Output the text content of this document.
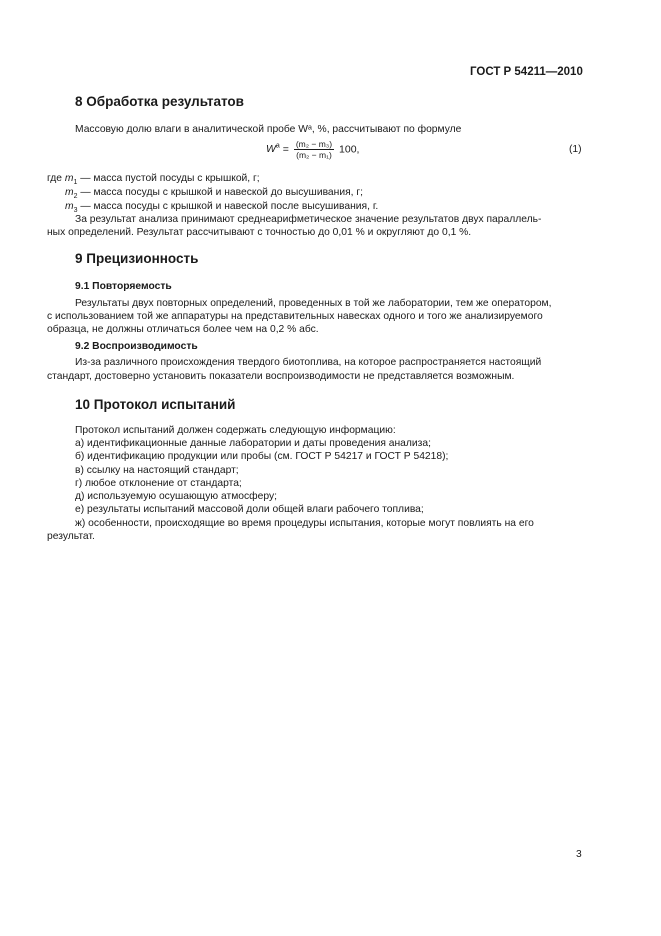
ГОСТ Р 54211—2010
8 Обработка результатов
Массовую долю влаги в аналитической пробе Wᵃ, %, рассчитывают по формуле
$W^a = \frac{\text{(m₂ − m₃)}}{\text{(m₂ − m₁)}} 100$,	(1)
где $m_1$ — масса пустой посуды с крышкой, г;
$m_2$ — масса посуды с крышкой и навеской до высушивания, г;
$m_3$ — масса посуды с крышкой и навеской после высушивания, г.
За результат анализа принимают среднеарифметическое значение результатов двух параллель-
ных определений. Результат рассчитывают с точностью до 0,01 % и округляют до 0,1 %.
9 Прецизионность
9.1 Повторяемость
Результаты двух повторных определений, проведенных в той же лаборатории, тем же оператором,
с использованием той же аппаратуры на представительных навесках одного и того же анализируемого
образца, не должны отличаться более чем на 0,2 % абс.
9.2 Воспроизводимость
Из-за различного происхождения твердого биотоплива, на которое распространяется настоящий
стандарт, достоверно установить показатели воспроизводимости не представляется возможным.
10 Протокол испытаний
Протокол испытаний должен содержать следующую информацию:
а) идентификационные данные лаборатории и даты проведения анализа;
б) идентификацию продукции или пробы (см. ГОСТ Р 54217 и ГОСТ Р 54218);
в) ссылку на настоящий стандарт;
г) любое отклонение от стандарта;
д) используемую осушающую атмосферу;
е) результаты испытаний массовой доли общей влаги рабочего топлива;
ж) особенности, происходящие во время процедуры испытания, которые могут повлиять на его
результат.
3
